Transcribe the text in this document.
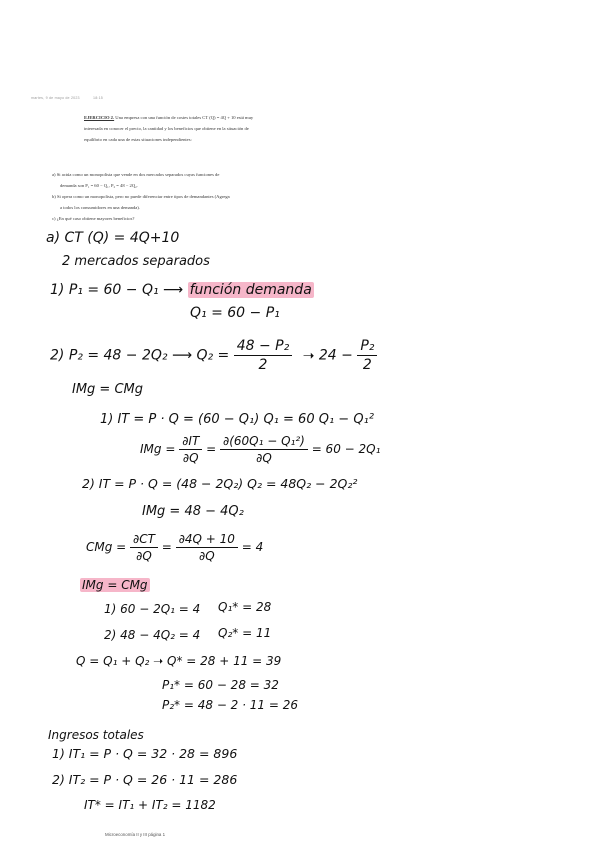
martes, 9 de mayo de 2023	18:15
EJERCICIO 2. Una empresa con una función de costes totales CT (Q) = 4Q + 10 está muy
interesada en conocer el precio, la cantidad y los beneficios que obtiene en la situación de
equilibrio en cada una de estas situaciones independientes:
a) Si actúa como un monopolista que vende en dos mercados separados cuyas funciones de
demanda son P₁ = 60 − Q₁, P₂ = 48 − 2Q₂.
b) Si opera como un monopolista, pero no puede diferenciar entre tipos de demandantes (Agrega
a todos los consumidores en una demanda).
c) ¿En qué caso obtiene mayores beneficios?
a) CT (Q) = 4Q+10
2 mercados separados
1) P₁ = 60 − Q₁ ⟶ función demanda
Q₁ = 60 − P₁
2) P₂ = 48 − 2Q₂ ⟶ $Q_2 = \frac{\text{48 − P₂}}{2}$ ➝ $24 - \frac{\text{P₂}}{2}$
IMg = CMg
1) IT = P · Q = (60 − Q₁) Q₁ = 60 Q₁ − Q₁²
IMg = $\frac{\partial IT}{\partial Q} = \frac{\text{∂(60Q₁ − Q₁²)}}{\partial Q} = 60 - 2Q_1$
2) IT = P · Q = (48 − 2Q₂) Q₂ = 48Q₂ − 2Q₂²
IMg = 48 − 4Q₂
CMg = $\frac{\partial CT}{\partial Q} = \frac{\partial 4Q + 10}{\partial Q} = 4$
IMg = CMg
1) 60 − 2Q₁ = 4 Q₁* = 28
2) 48 − 4Q₂ = 4 Q₂* = 11
Q = Q₁ + Q₂ ➝ Q* = 28 + 11 = 39
P₁* = 60 − 28 = 32
P₂* = 48 − 2 · 11 = 26
Ingresos totales
1) IT₁ = P · Q = 32 · 28 = 896
2) IT₂ = P · Q = 26 · 11 = 286
IT* = IT₁ + IT₂ = 1182
Microeconomía II y III página 1
